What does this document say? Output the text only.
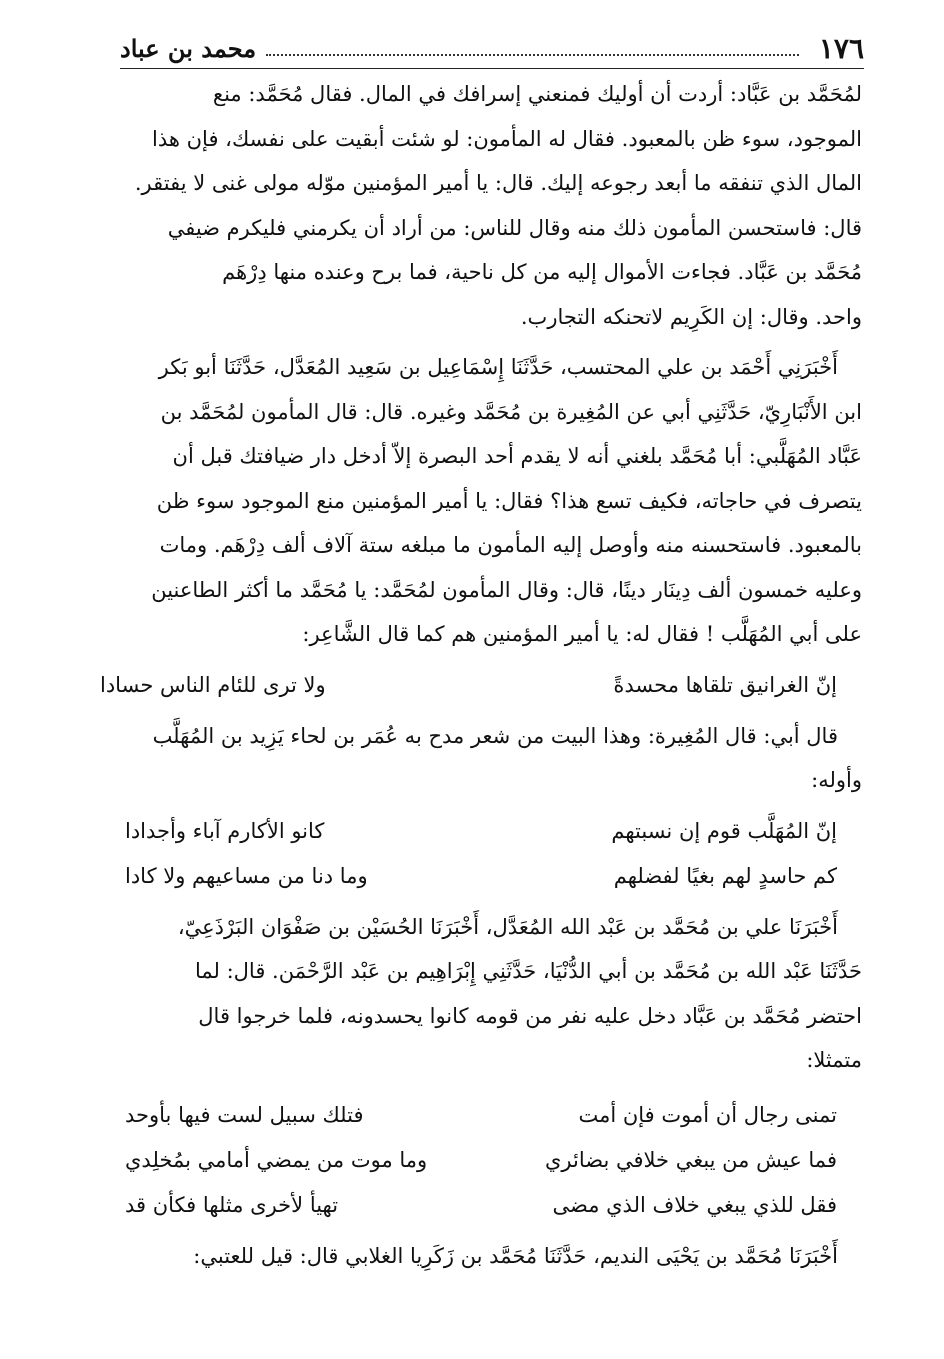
١٧٦
محمد بن عباد

لمُحَمَّد بن عَبَّاد: أردت أن أوليك فمنعني إسرافك في المال. فقال مُحَمَّد: منع

الموجود، سوء ظن بالمعبود. فقال له المأمون: لو شئت أبقيت على نفسك، فإن هذا

المال الذي تنفقه ما أبعد رجوعه إليك. قال: يا أمير المؤمنين موّله مولى غنى لا يفتقر.

قال: فاستحسن المأمون ذلك منه وقال للناس: من أراد أن يكرمني فليكرم ضيفي

مُحَمَّد بن عَبَّاد. فجاءت الأموال إليه من كل ناحية، فما برح وعنده منها دِرْهَم

واحد. وقال: إن الكَرِيم لاتحنكه التجارب.

أَخْبَرَنِي أَحْمَد بن علي المحتسب، حَدَّثَنَا إِسْمَاعِيل بن سَعِيد المُعَدَّل، حَدَّثَنَا أبو بَكر

ابن الأَنْبَارِيّ، حَدَّثَنِي أبي عن المُغِيرة بن مُحَمَّد وغيره. قال: قال المأمون لمُحَمَّد بن

عَبَّاد المُهَلَّبي: أبا مُحَمَّد بلغني أنه لا يقدم أحد البصرة إلاّ أدخل دار ضيافتك قبل أن

يتصرف في حاجاته، فكيف تسع هذا؟ فقال: يا أمير المؤمنين منع الموجود سوء ظن

بالمعبود. فاستحسنه منه وأوصل إليه المأمون ما مبلغه ستة آلاف ألف دِرْهَم. ومات

وعليه خمسون ألف دِينَار دينًا، قال: وقال المأمون لمُحَمَّد: يا مُحَمَّد ما أكثر الطاعنين

على أبي المُهَلَّب ! فقال له: يا أمير المؤمنين هم كما قال الشَّاعِر:

إنّ الغرانيق تلقاها محسدةً
ولا ترى للئام الناس حسادا

قال أبي: قال المُغِيرة: وهذا البيت من شعر مدح به عُمَر بن لحاء يَزِيد بن المُهَلَّب

وأوله:

إنّ المُهَلَّب قوم إن نسبتهم
كانو الأكارم آباء وأجدادا
كم حاسدٍ لهم بغيًا لفضلهم
وما دنا من مساعيهم ولا كادا

أَخْبَرَنَا علي بن مُحَمَّد بن عَبْد الله المُعَدَّل، أَخْبَرَنَا الحُسَيْن بن صَفْوَان البَرْذَعِيّ،

حَدَّثَنَا عَبْد الله بن مُحَمَّد بن أبي الدُّنْيَا، حَدَّثَنِي إِبْرَاهِيم بن عَبْد الرَّحْمَن. قال: لما

احتضر مُحَمَّد بن عَبَّاد دخل عليه نفر من قومه كانوا يحسدونه، فلما خرجوا قال

متمثلا:

تمنى رجال أن أموت فإن أمت
فتلك سبيل لست فيها بأوحد
فما عيش من يبغي خلافي بضائري
وما موت من يمضي أمامي بمُخلِدي
فقل للذي يبغي خلاف الذي مضى
تهيأ لأخرى مثلها فكأن قد

أَخْبَرَنَا مُحَمَّد بن يَحْيَى النديم، حَدَّثَنَا مُحَمَّد بن زَكَرِيا الغلابي قال: قيل للعتبي:
